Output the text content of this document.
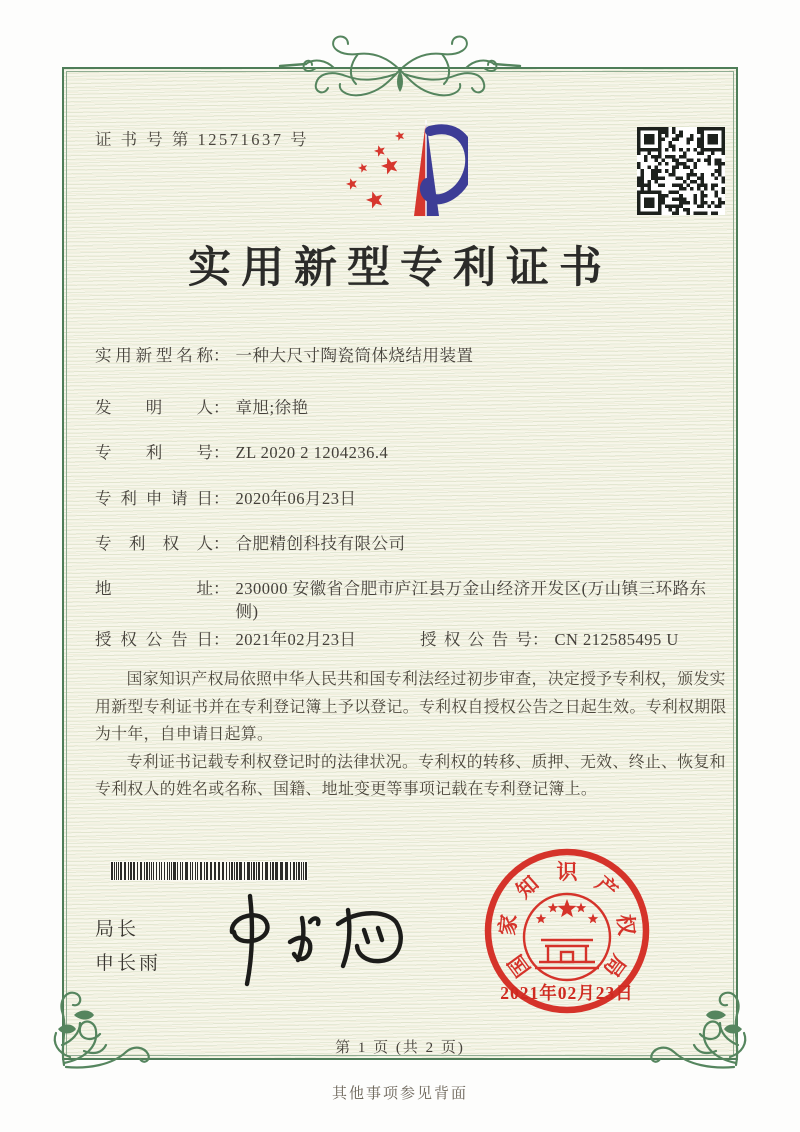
证 书 号 第 12571637 号
实用新型专利证书
实用新型名称 ： 一种大尺寸陶瓷筒体烧结用装置
发明人 ： 章旭;徐艳
专利号 ： ZL 2020 2 1204236.4
专利申请日 ： 2020年06月23日
专利权人 ： 合肥精创科技有限公司
地址 ： 230000 安徽省合肥市庐江县万金山经济开发区(万山镇三环路东侧)
授权公告日 ： 2021年02月23日	授权公告号 ： CN 212585495 U

国家知识产权局依照中华人民共和国专利法经过初步审查，决定授予专利权，颁发实用新型专利证书并在专利登记簿上予以登记。专利权自授权公告之日起生效。专利权期限为十年，自申请日起算。

专利证书记载专利权登记时的法律状况。专利权的转移、质押、无效、终止、恢复和专利权人的姓名或名称、国籍、地址变更等事项记载在专利登记簿上。

局长
申长雨	国
家
知 识 产
权
局
2021年02月23日
第 1 页 (共 2 页)
其他事项参见背面
